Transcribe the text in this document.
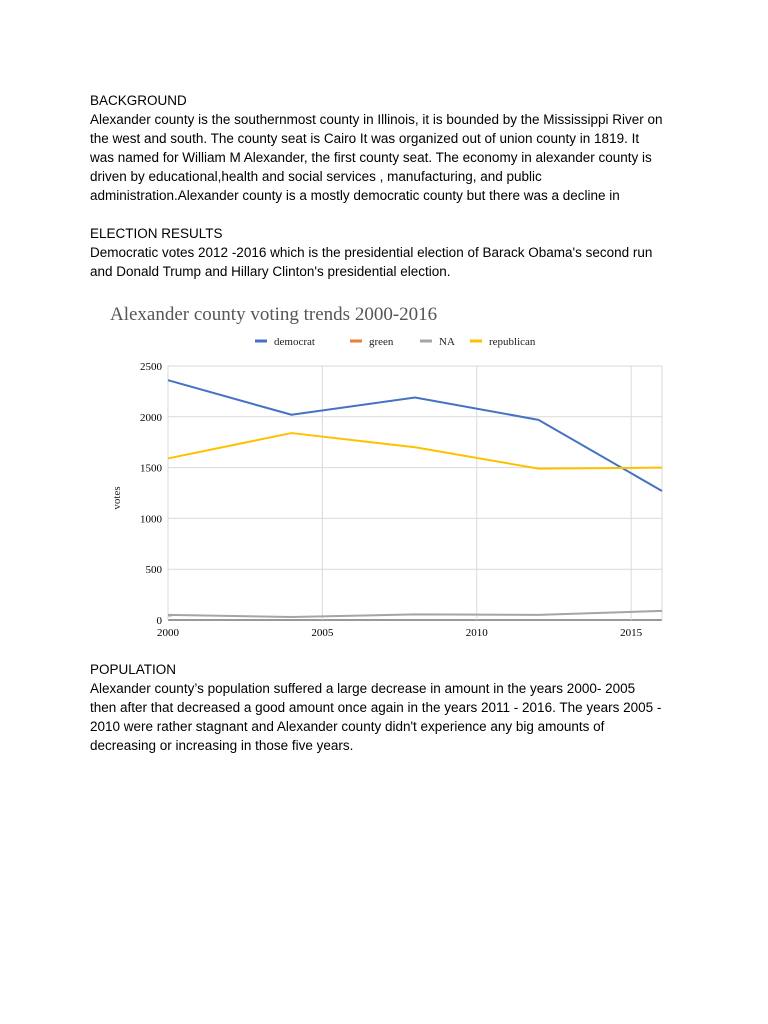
BACKGROUND

Alexander county is the southernmost county in Illinois, it is bounded by the Mississippi River on
the west and south. The county seat is Cairo It was organized out of union county in 1819. It
was named for William M Alexander, the first county seat. The economy in alexander county is
driven by educational,health and social services , manufacturing, and public
administration.Alexander county is a mostly democratic county but there was a decline in

ELECTION RESULTS

Democratic votes 2012 -2016 which is the presidential election of Barack Obama's second run
and Donald Trump and Hillary Clinton's presidential election.

Alexander county voting trends 2000-2016
democrat	green	NA	republican
0
500
1000
1500
2000
2500
2000	2005	2010	2015
votes
POPULATION

Alexander county’s population suffered a large decrease in amount in the years 2000- 2005
then after that decreased a good amount once again in the years 2011 - 2016. The years 2005 -
2010 were rather stagnant and Alexander county didn't experience any big amounts of
decreasing or increasing in those five years.
